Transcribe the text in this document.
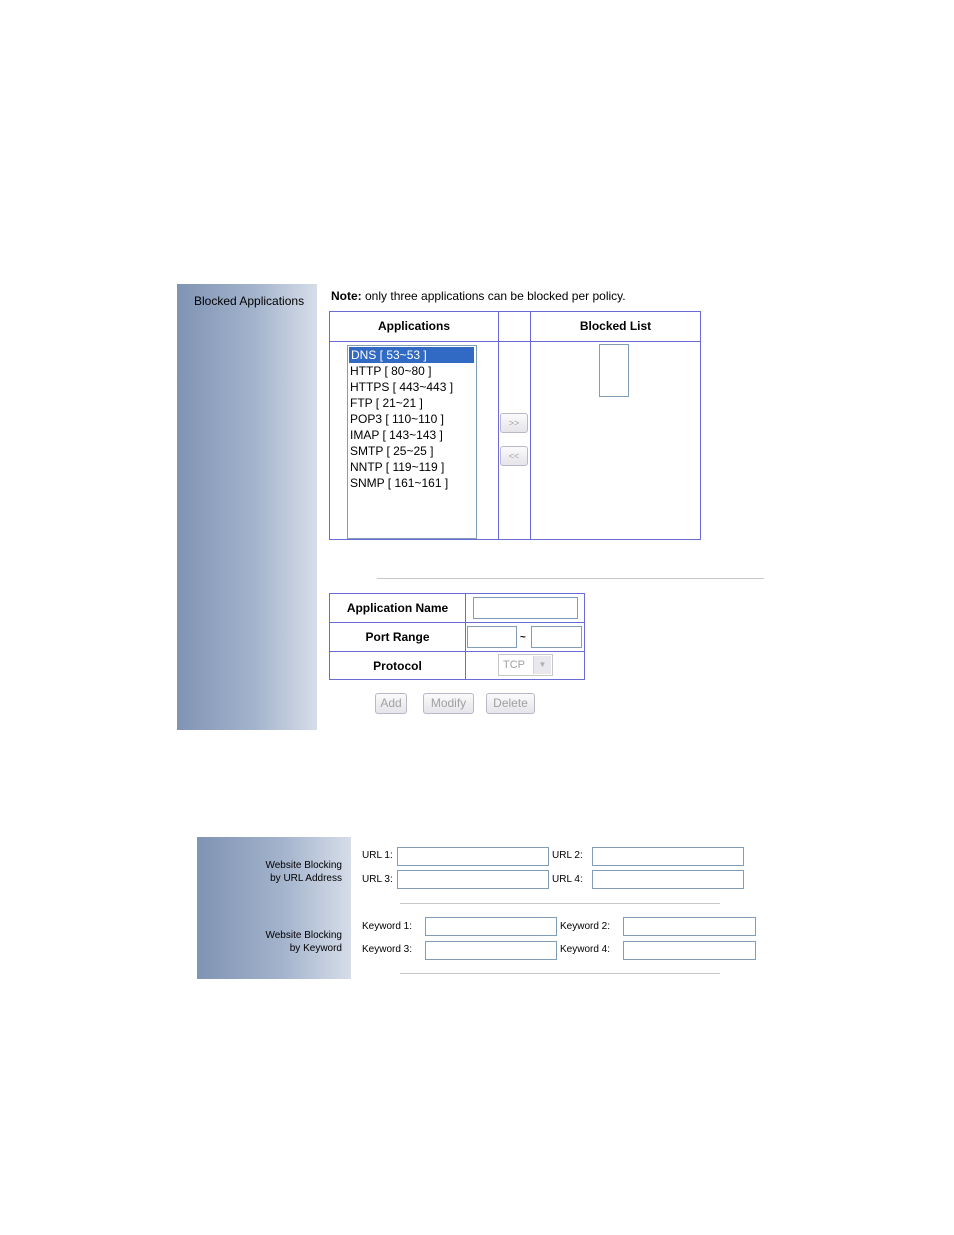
Blocked Applications Note: only three applications can be blocked per policy.
Applications	Blocked List
DNS [ 53~53 ]
HTTP [ 80~80 ]
HTTPS [ 443~443 ]
FTP [ 21~21 ]
POP3 [ 110~110 ]
IMAP [ 143~143 ]
SMTP [ 25~25 ]
NNTP [ 119~119 ]
SNMP [ 161~161 ]
>>
<<
Application Name
Port Range	~
Protocol	TCP	▼
Add	Modify	Delete
Website Blocking
by URL Address
Website Blocking
by Keyword
URL 1:	URL 2:
URL 3:	URL 4:
Keyword 1:	Keyword 2:
Keyword 3:	Keyword 4:
